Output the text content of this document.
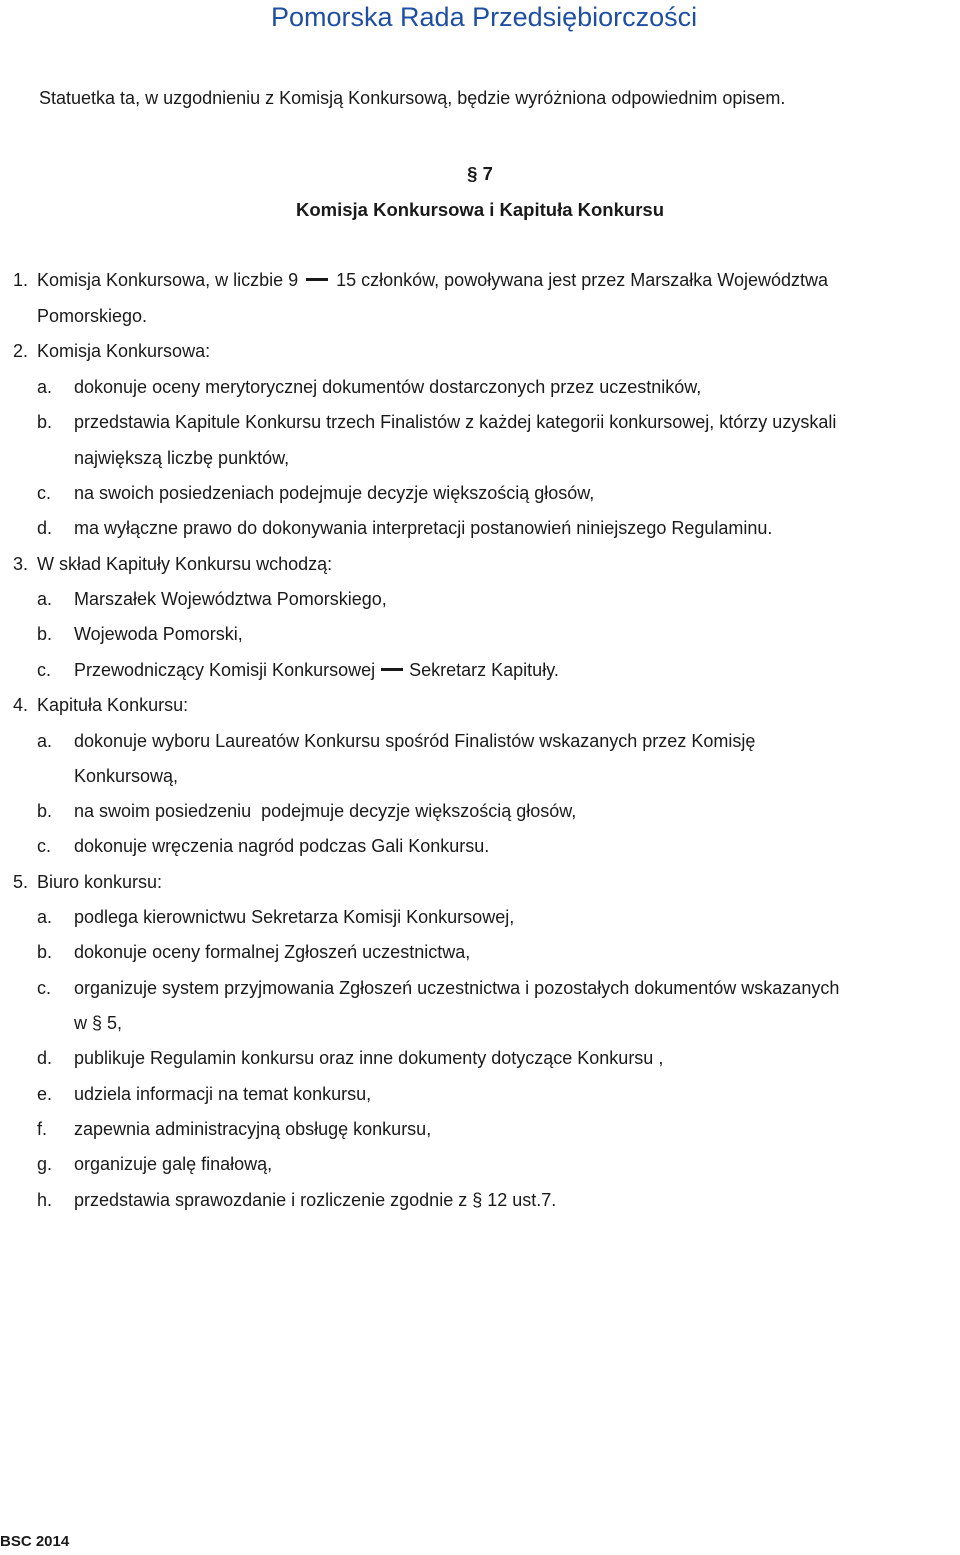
Pomorska Rada Przedsiębiorczości
Statuetka ta, w uzgodnieniu z Komisją Konkursową, będzie wyróżniona odpowiednim opisem.
§ 7
Komisja Konkursowa i Kapituła Konkursu
1. Komisja Konkursowa, w liczbie 9 15 członków, powoływana jest przez Marszałka Województwa
Pomorskiego.
2. Komisja Konkursowa:
a. dokonuje oceny merytorycznej dokumentów dostarczonych przez uczestników,
b. przedstawia Kapitule Konkursu trzech Finalistów z każdej kategorii konkursowej, którzy uzyskali
największą liczbę punktów,
c. na swoich posiedzeniach podejmuje decyzje większością głosów,
d. ma wyłączne prawo do dokonywania interpretacji postanowień niniejszego Regulaminu.
3. W skład Kapituły Konkursu wchodzą:
a. Marszałek Województwa Pomorskiego,
b. Wojewoda Pomorski,
c. Przewodniczący Komisji Konkursowej Sekretarz Kapituły.
4. Kapituła Konkursu:
a. dokonuje wyboru Laureatów Konkursu spośród Finalistów wskazanych przez Komisję
Konkursową,
b. na swoim posiedzeniu  podejmuje decyzje większością głosów,
c. dokonuje wręczenia nagród podczas Gali Konkursu.
5. Biuro konkursu:
a. podlega kierownictwu Sekretarza Komisji Konkursowej,
b. dokonuje oceny formalnej Zgłoszeń uczestnictwa,
c. organizuje system przyjmowania Zgłoszeń uczestnictwa i pozostałych dokumentów wskazanych
w § 5,
d. publikuje Regulamin konkursu oraz inne dokumenty dotyczące Konkursu ,
e. udziela informacji na temat konkursu,
f. zapewnia administracyjną obsługę konkursu,
g. organizuje galę finałową,
h. przedstawia sprawozdanie i rozliczenie zgodnie z § 12 ust.7.
BSC 2014
